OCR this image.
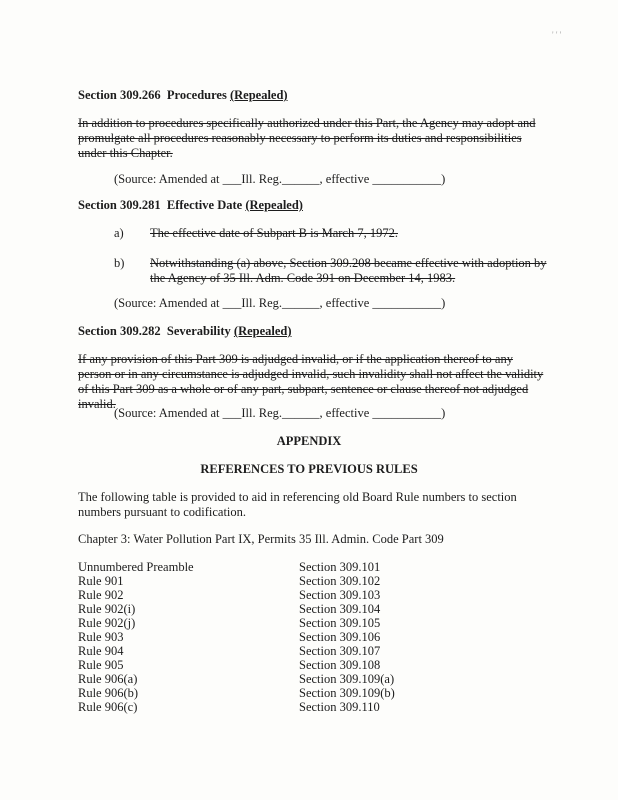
' ' '
Section 309.266 Procedures (Repealed)
In addition to procedures specifically authorized under this Part, the Agency may adopt and promulgate all procedures reasonably necessary to perform its duties and responsibilities under this Chapter.
(Source: Amended at ___Ill. Reg.______, effective ___________)
Section 309.281 Effective Date (Repealed)
a) The effective date of Subpart B is March 7, 1972.
b) Notwithstanding (a) above, Section 309.208 became effective with adoption by the Agency of 35 Ill. Adm. Code 391 on December 14, 1983.
(Source: Amended at ___Ill. Reg.______, effective ___________)
Section 309.282 Severability (Repealed)
If any provision of this Part 309 is adjudged invalid, or if the application thereof to any person or in any circumstance is adjudged invalid, such invalidity shall not affect the validity of this Part 309 as a whole or of any part, subpart, sentence or clause thereof not adjudged invalid.
(Source: Amended at ___Ill. Reg.______, effective ___________)
APPENDIX
REFERENCES TO PREVIOUS RULES
The following table is provided to aid in referencing old Board Rule numbers to section numbers pursuant to codification.
Chapter 3: Water Pollution Part IX, Permits 35 Ill. Admin. Code Part 309
Unnumbered Preamble	Section 309.101
Rule 901	Section 309.102
Rule 902	Section 309.103
Rule 902(i)	Section 309.104
Rule 902(j)	Section 309.105
Rule 903	Section 309.106
Rule 904	Section 309.107
Rule 905	Section 309.108
Rule 906(a)	Section 309.109(a)
Rule 906(b)	Section 309.109(b)
Rule 906(c)	Section 309.110
